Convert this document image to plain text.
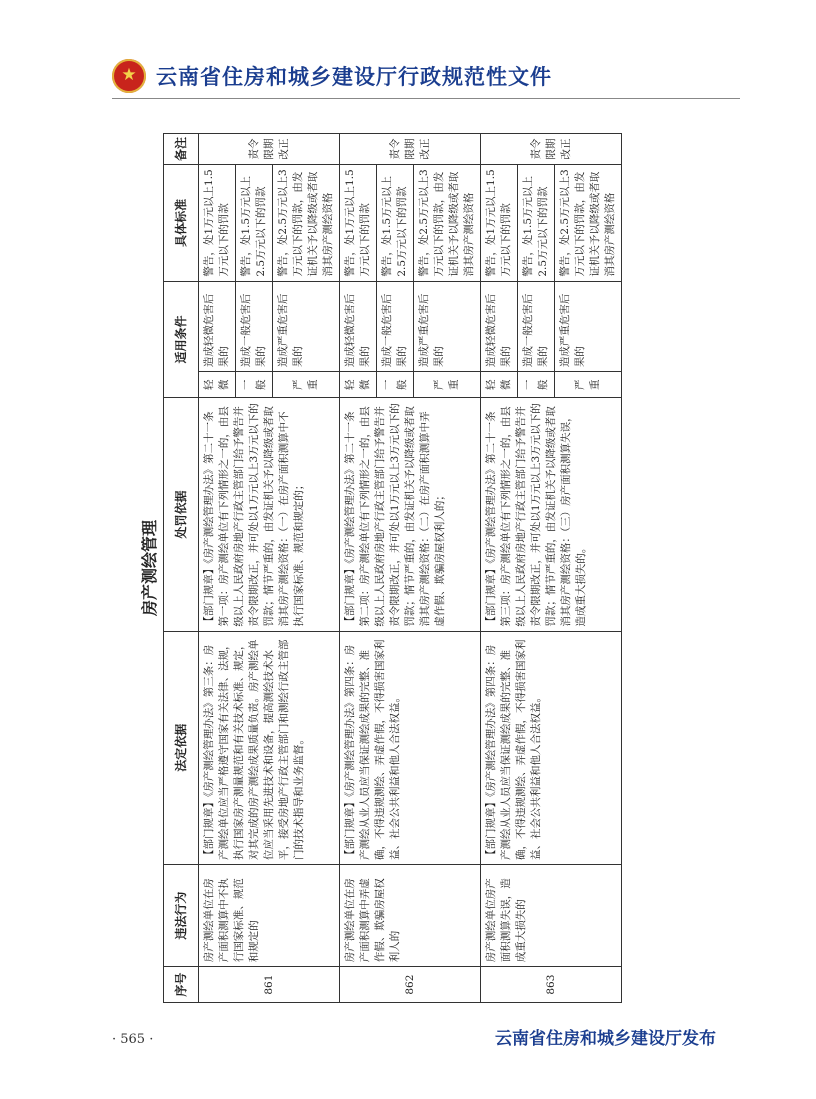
★
云南省住房和城乡建设厅行政规范性文件
房产测绘管理
序号	违法行为	法定依据	处罚依据	适用条件		具体标准	备注
861	房产测绘单位在房产面积测算中不执行国家标准、规范和规定的	【部门规章】《房产测绘管理办法》第三条：房产测绘单位应当严格遵守国家有关法律、法规，执行国家房产测量规范和有关技术标准、规定，对其完成的房产测绘成果质量负责。房产测绘单位应当采用先进技术和设备，提高测绘技术水平，接受房地产行政主管部门和测绘行政主管部门的技术指导和业务监督。	【部门规章】《房产测绘管理办法》第二十一条第一项：房产测绘单位有下列情形之一的，由县级以上人民政府房地产行政主管部门给予警告并责令限期改正，并可处以1万元以上3万元以下的罚款；情节严重的，由发证机关予以降级或者取消其房产测绘资格：（一）在房产面积测算中不执行国家标准、规范和规定的；	轻微	造成轻微危害后果的	警告，处1万元以上1.5万元以下的罚款	责令限期改正
				一般	造成一般危害后果的	警告，处1.5万元以上2.5万元以下的罚款	
				严重	造成严重危害后果的	警告，处2.5万元以上3万元以下的罚款，由发证机关予以降级或者取消其房产测绘资格	
862	房产测绘单位在房产面积测算中弄虚作假、欺骗房屋权利人的	【部门规章】《房产测绘管理办法》第四条：房产测绘从业人员应当保证测绘成果的完整、准确，不得违规测绘、弄虚作假，不得损害国家利益、社会公共利益和他人合法权益。	【部门规章】《房产测绘管理办法》第二十一条第二项：房产测绘单位有下列情形之一的，由县级以上人民政府房地产行政主管部门给予警告并责令限期改正，并可处以1万元以上3万元以下的罚款；情节严重的，由发证机关予以降级或者取消其房产测绘资格：（二）在房产面积测算中弄虚作假、欺骗房屋权利人的；	轻微	造成轻微危害后果的	警告，处1万元以上1.5万元以下的罚款	责令限期改正
				一般	造成一般危害后果的	警告，处1.5万元以上2.5万元以下的罚款	
				严重	造成严重危害后果的	警告，处2.5万元以上3万元以下的罚款，由发证机关予以降级或者取消其房产测绘资格	
863	房产测绘单位房产面积测算失误，造成重大损失的	【部门规章】《房产测绘管理办法》第四条：房产测绘从业人员应当保证测绘成果的完整、准确，不得违规测绘、弄虚作假，不得损害国家利益、社会公共利益和他人合法权益。	【部门规章】《房产测绘管理办法》第二十一条第三项：房产测绘单位有下列情形之一的，由县级以上人民政府房地产行政主管部门给予警告并责令限期改正，并可处以1万元以上3万元以下的罚款；情节严重的，由发证机关予以降级或者取消其房产测绘资格：（三）房产面积测算失误，造成重大损失的。	轻微	造成轻微危害后果的	警告，处1万元以上1.5万元以下的罚款	责令限期改正
				一般	造成一般危害后果的	警告，处1.5万元以上2.5万元以下的罚款	
				严重	造成严重危害后果的	警告，处2.5万元以上3万元以下的罚款，由发证机关予以降级或者取消其房产测绘资格	
· 565 ·	云南省住房和城乡建设厅发布
